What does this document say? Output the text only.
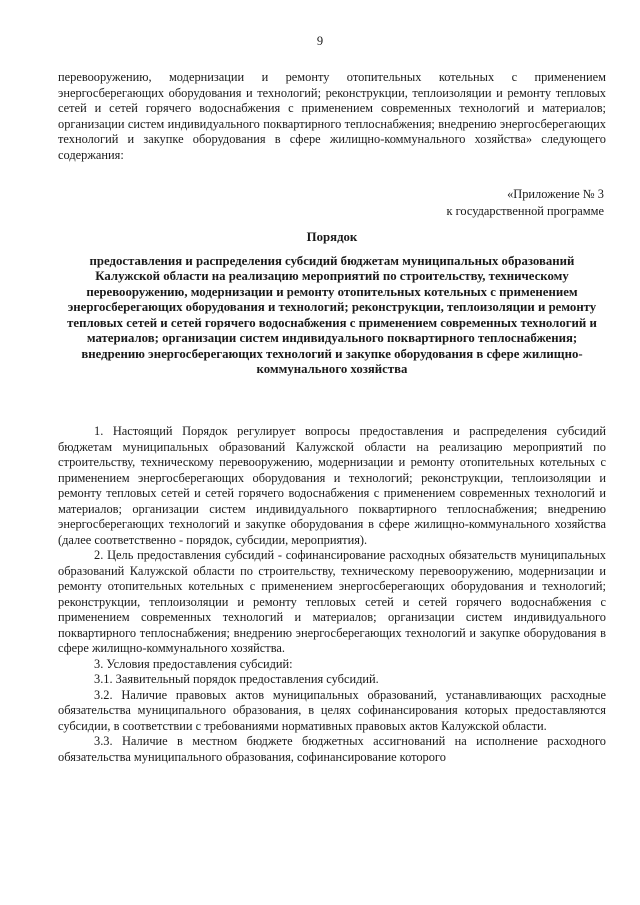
9
перевооружению, модернизации и ремонту отопительных котельных с применением энергосберегающих оборудования и технологий; реконструкции, теплоизоляции и ремонту тепловых сетей и сетей горячего водоснабжения с применением современных технологий и материалов; организации систем индивидуального поквартирного теплоснабжения; внедрению энергосберегающих технологий и закупке оборудования в сфере жилищно-коммунального хозяйства» следующего содержания:
«Приложение № 3
к государственной программе
Порядок
предоставления и распределения субсидий бюджетам муниципальных образований Калужской области на реализацию мероприятий по строительству, техническому перевооружению, модернизации и ремонту отопительных котельных с применением энергосберегающих оборудования и технологий; реконструкции, теплоизоляции и ремонту тепловых сетей и сетей горячего водоснабжения с применением современных технологий и материалов; организации систем индивидуального поквартирного теплоснабжения; внедрению энергосберегающих технологий и закупке оборудования в сфере жилищно-коммунального хозяйства

1. Настоящий Порядок регулирует вопросы предоставления и распределения субсидий бюджетам муниципальных образований Калужской области на реализацию мероприятий по строительству, техническому перевооружению, модернизации и ремонту отопительных котельных с применением энергосберегающих оборудования и технологий; реконструкции, теплоизоляции и ремонту тепловых сетей и сетей горячего водоснабжения с применением современных технологий и материалов; организации систем индивидуального поквартирного теплоснабжения; внедрению энергосберегающих технологий и закупке оборудования в сфере жилищно-коммунального хозяйства (далее соответственно - порядок, субсидии, мероприятия).

2. Цель предоставления субсидий - софинансирование расходных обязательств муниципальных образований Калужской области по строительству, техническому перевооружению, модернизации и ремонту отопительных котельных с применением энергосберегающих оборудования и технологий; реконструкции, теплоизоляции и ремонту тепловых сетей и сетей горячего водоснабжения с применением современных технологий и материалов; организации систем индивидуального поквартирного теплоснабжения; внедрению энергосберегающих технологий и закупке оборудования в сфере жилищно-коммунального хозяйства.

3. Условия предоставления субсидий:

3.1. Заявительный порядок предоставления субсидий.

3.2. Наличие правовых актов муниципальных образований, устанавливающих расходные обязательства муниципального образования, в целях софинансирования которых предоставляются субсидии, в соответствии с требованиями нормативных правовых актов Калужской области.

3.3. Наличие в местном бюджете бюджетных ассигнований на исполнение расходного обязательства муниципального образования, софинансирование которого
